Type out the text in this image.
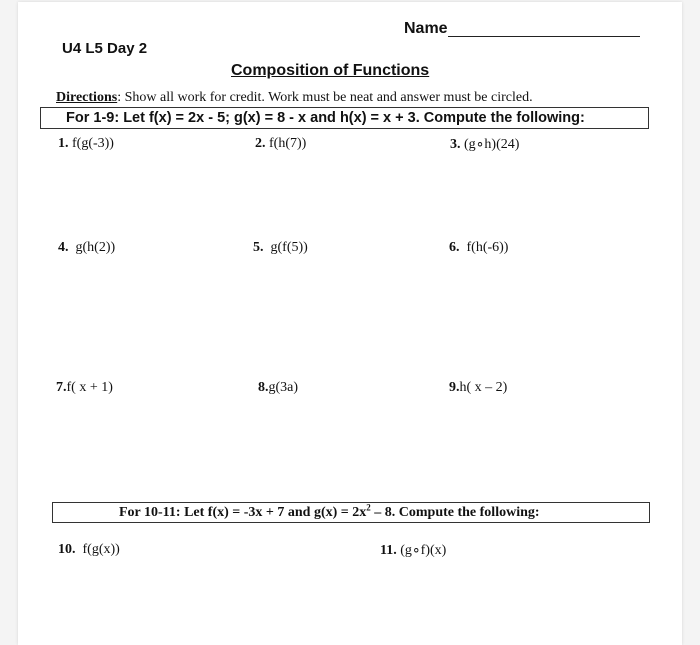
Name
U4 L5 Day 2
Composition of Functions
Directions: Show all work for credit. Work must be neat and answer must be circled.
For 1-9: Let f(x) = 2x - 5; g(x) = 8 - x and h(x) = x + 3. Compute the following:
1. f(g(-3))	2. f(h(7))	3. (g∘h)(24)
4. g(h(2))	5. g(f(5))	6. f(h(-6))
7.f( x + 1)	8.g(3a)	9.h( x – 2)
For 10-11: Let f(x) = -3x + 7 and $g(x) = 2x^2 - 8$. Compute the following:
10. f(g(x))	11. (g∘f)(x)
